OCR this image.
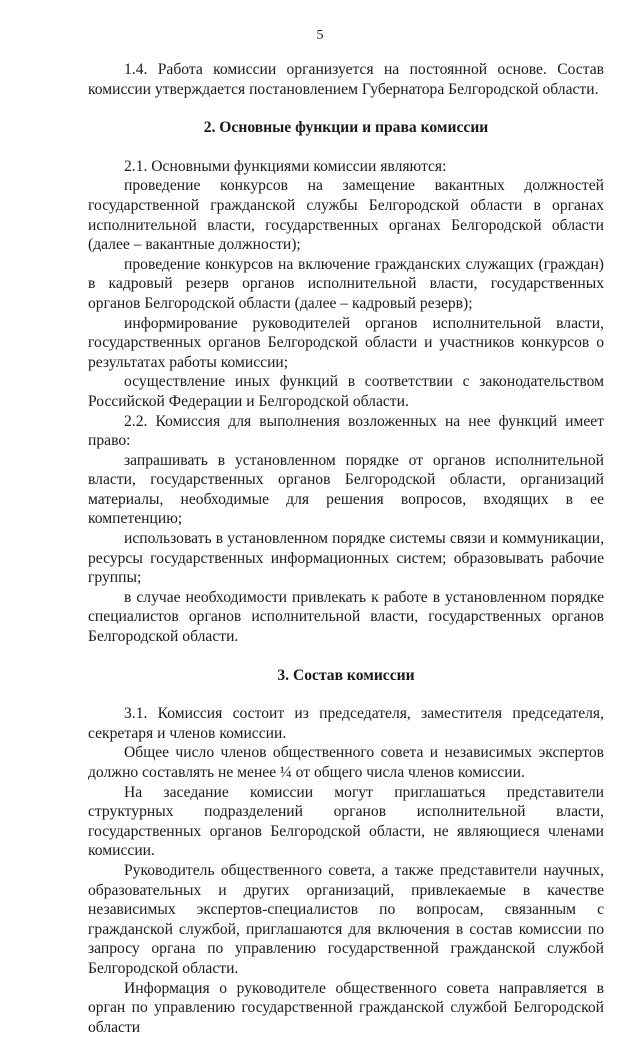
5

1.4. Работа комиссии организуется на постоянной основе. Состав комиссии утверждается постановлением Губернатора Белгородской области.

2. Основные функции и права комиссии

2.1. Основными функциями комиссии являются:

проведение конкурсов на замещение вакантных должностей государственной гражданской службы Белгородской области в органах исполнительной власти, государственных органах Белгородской области (далее – вакантные должности);

проведение конкурсов на включение гражданских служащих (граждан) в кадровый резерв органов исполнительной власти, государственных органов Белгородской области (далее – кадровый резерв);

информирование руководителей органов исполнительной власти, государственных органов Белгородской области и участников конкурсов о результатах работы комиссии;

осуществление иных функций в соответствии с законодательством Российской Федерации и Белгородской области.

2.2. Комиссия для выполнения возложенных на нее функций имеет право:

запрашивать в установленном порядке от органов исполнительной власти, государственных органов Белгородской области, организаций материалы, необходимые для решения вопросов, входящих в ее компетенцию;

использовать в установленном порядке системы связи и коммуникации, ресурсы государственных информационных систем; образовывать рабочие группы;

в случае необходимости привлекать к работе в установленном порядке специалистов органов исполнительной власти, государственных органов Белгородской области.

3. Состав комиссии

3.1. Комиссия состоит из председателя, заместителя председателя, секретаря и членов комиссии.

Общее число членов общественного совета и независимых экспертов должно составлять не менее ¼ от общего числа членов комиссии.

На заседание комиссии могут приглашаться представители структурных подразделений органов исполнительной власти, государственных органов Белгородской области, не являющиеся членами комиссии.

Руководитель общественного совета, а также представители научных, образовательных и других организаций, привлекаемые в качестве независимых экспертов-специалистов по вопросам, связанным с гражданской службой, приглашаются для включения в состав комиссии по запросу органа по управлению государственной гражданской службой Белгородской области.

Информация о руководителе общественного совета направляется в орган по управлению государственной гражданской службой Белгородской области
